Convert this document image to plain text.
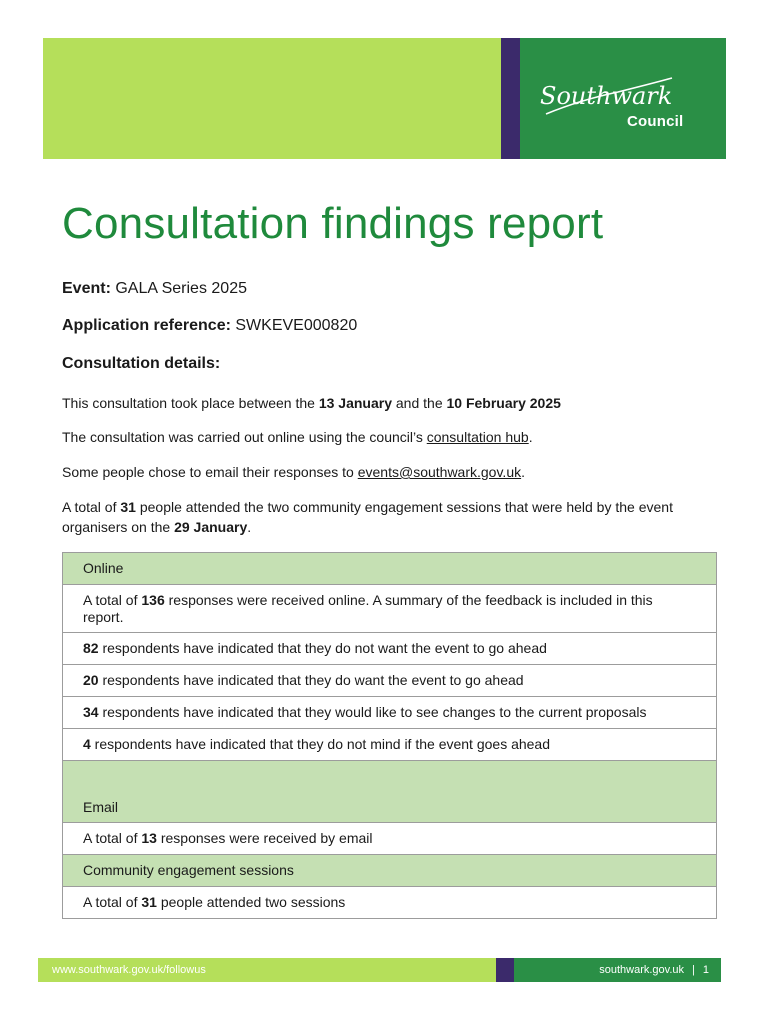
Southwark
Council
Consultation findings report
Event: GALA Series 2025
Application reference: SWKEVE000820
Consultation details:
This consultation took place between the 13 January and the 10 February 2025
The consultation was carried out online using the council’s consultation hub.
Some people chose to email their responses to events@southwark.gov.uk.
A total of 31 people attended the two community engagement sessions that were held by the event organisers on the 29 January.
Online
A total of 136 responses were received online. A summary of the feedback is included in this report.
82 respondents have indicated that they do not want the event to go ahead
20 respondents have indicated that they do want the event to go ahead
34 respondents have indicated that they would like to see changes to the current proposals
4 respondents have indicated that they do not mind if the event goes ahead
Email
A total of 13 responses were received by email
Community engagement sessions
A total of 31 people attended two sessions
www.southwark.gov.uk/followus	southwark.gov.uk | 1
